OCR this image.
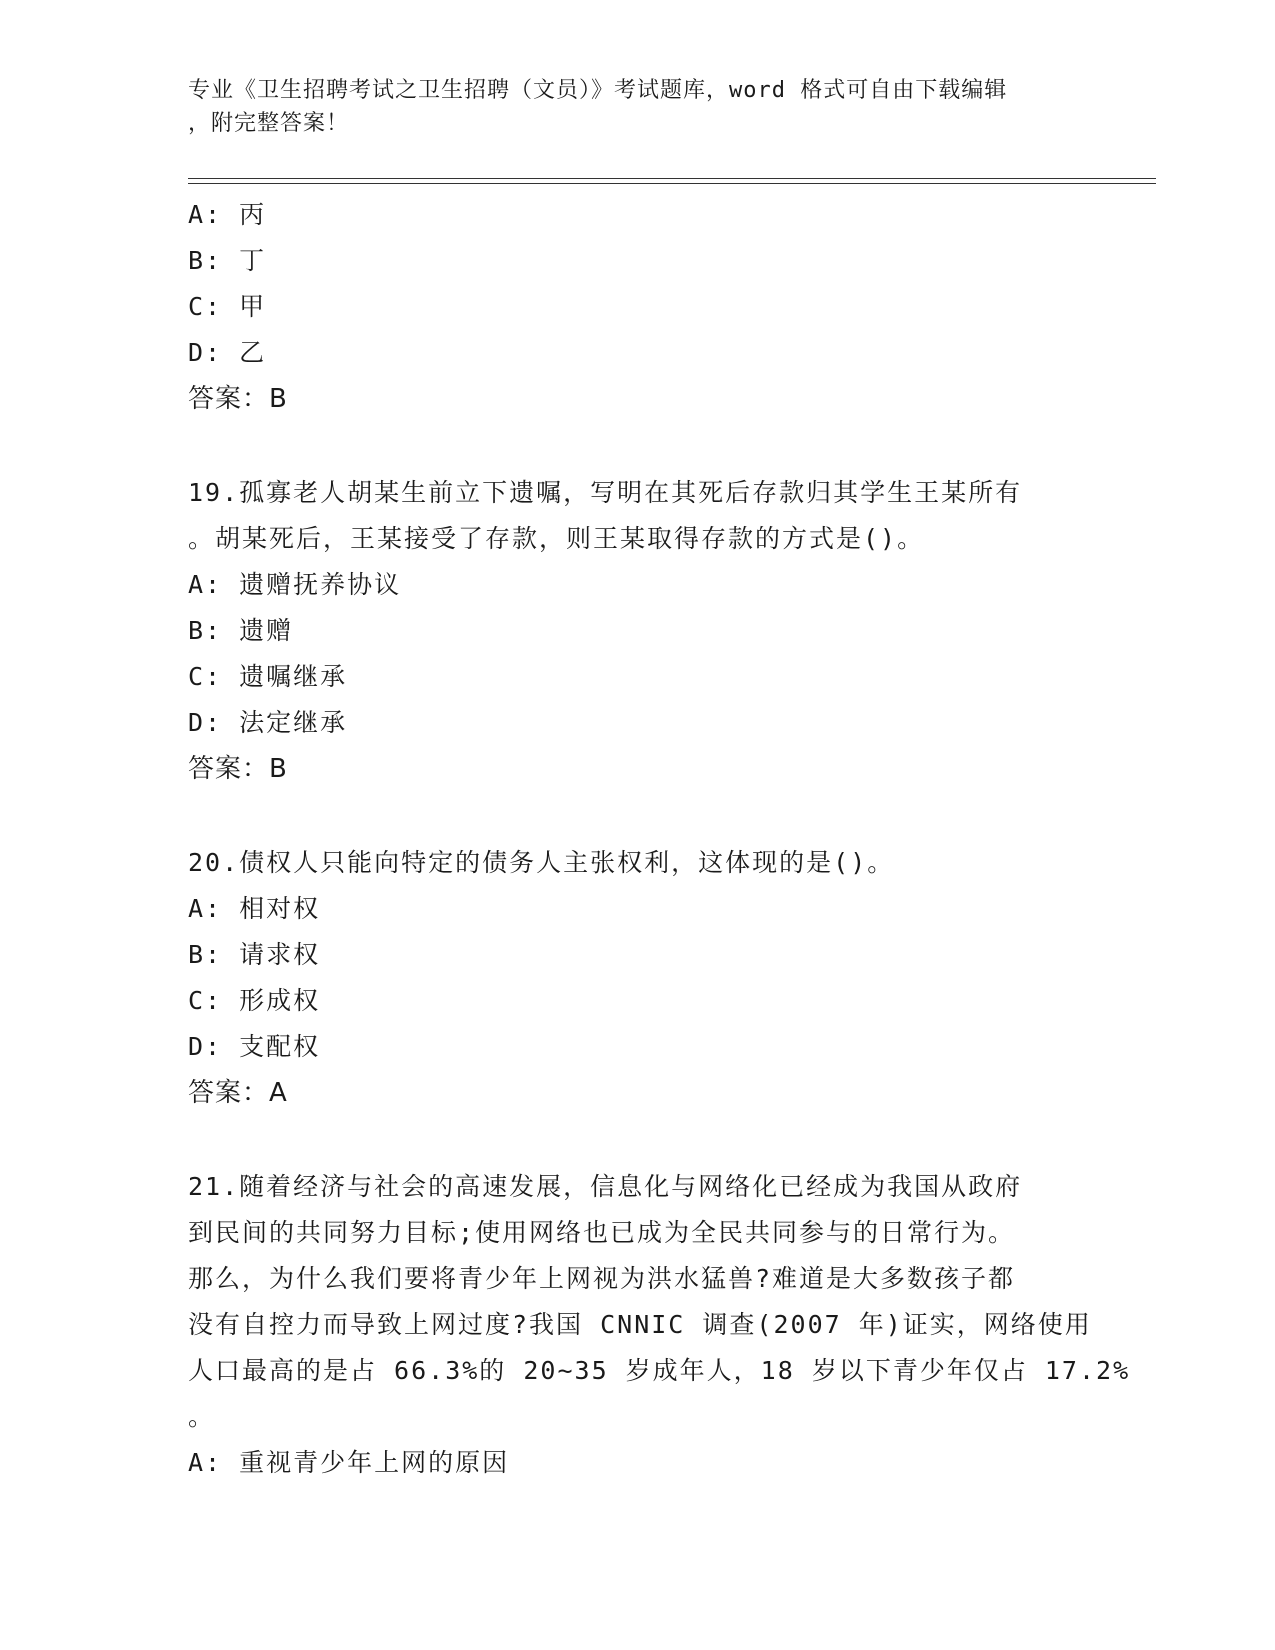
专业《卫生招聘考试之卫生招聘（文员）》考试题库，word 格式可自由下载编辑
，附完整答案！
A: 丙
B: 丁
C: 甲
D: 乙
答案：B
19.孤寡老人胡某生前立下遗嘱，写明在其死后存款归其学生王某所有
。胡某死后，王某接受了存款，则王某取得存款的方式是()。
A: 遗赠抚养协议
B: 遗赠
C: 遗嘱继承
D: 法定继承
答案：B
20.债权人只能向特定的债务人主张权利，这体现的是()。
A: 相对权
B: 请求权
C: 形成权
D: 支配权
答案：A
21.随着经济与社会的高速发展，信息化与网络化已经成为我国从政府
到民间的共同努力目标;使用网络也已成为全民共同参与的日常行为。
那么，为什么我们要将青少年上网视为洪水猛兽?难道是大多数孩子都
没有自控力而导致上网过度?我国 CNNIC 调查(2007 年)证实，网络使用
人口最高的是占 66.3%的 20~35 岁成年人，18 岁以下青少年仅占 17.2%
。
A: 重视青少年上网的原因
